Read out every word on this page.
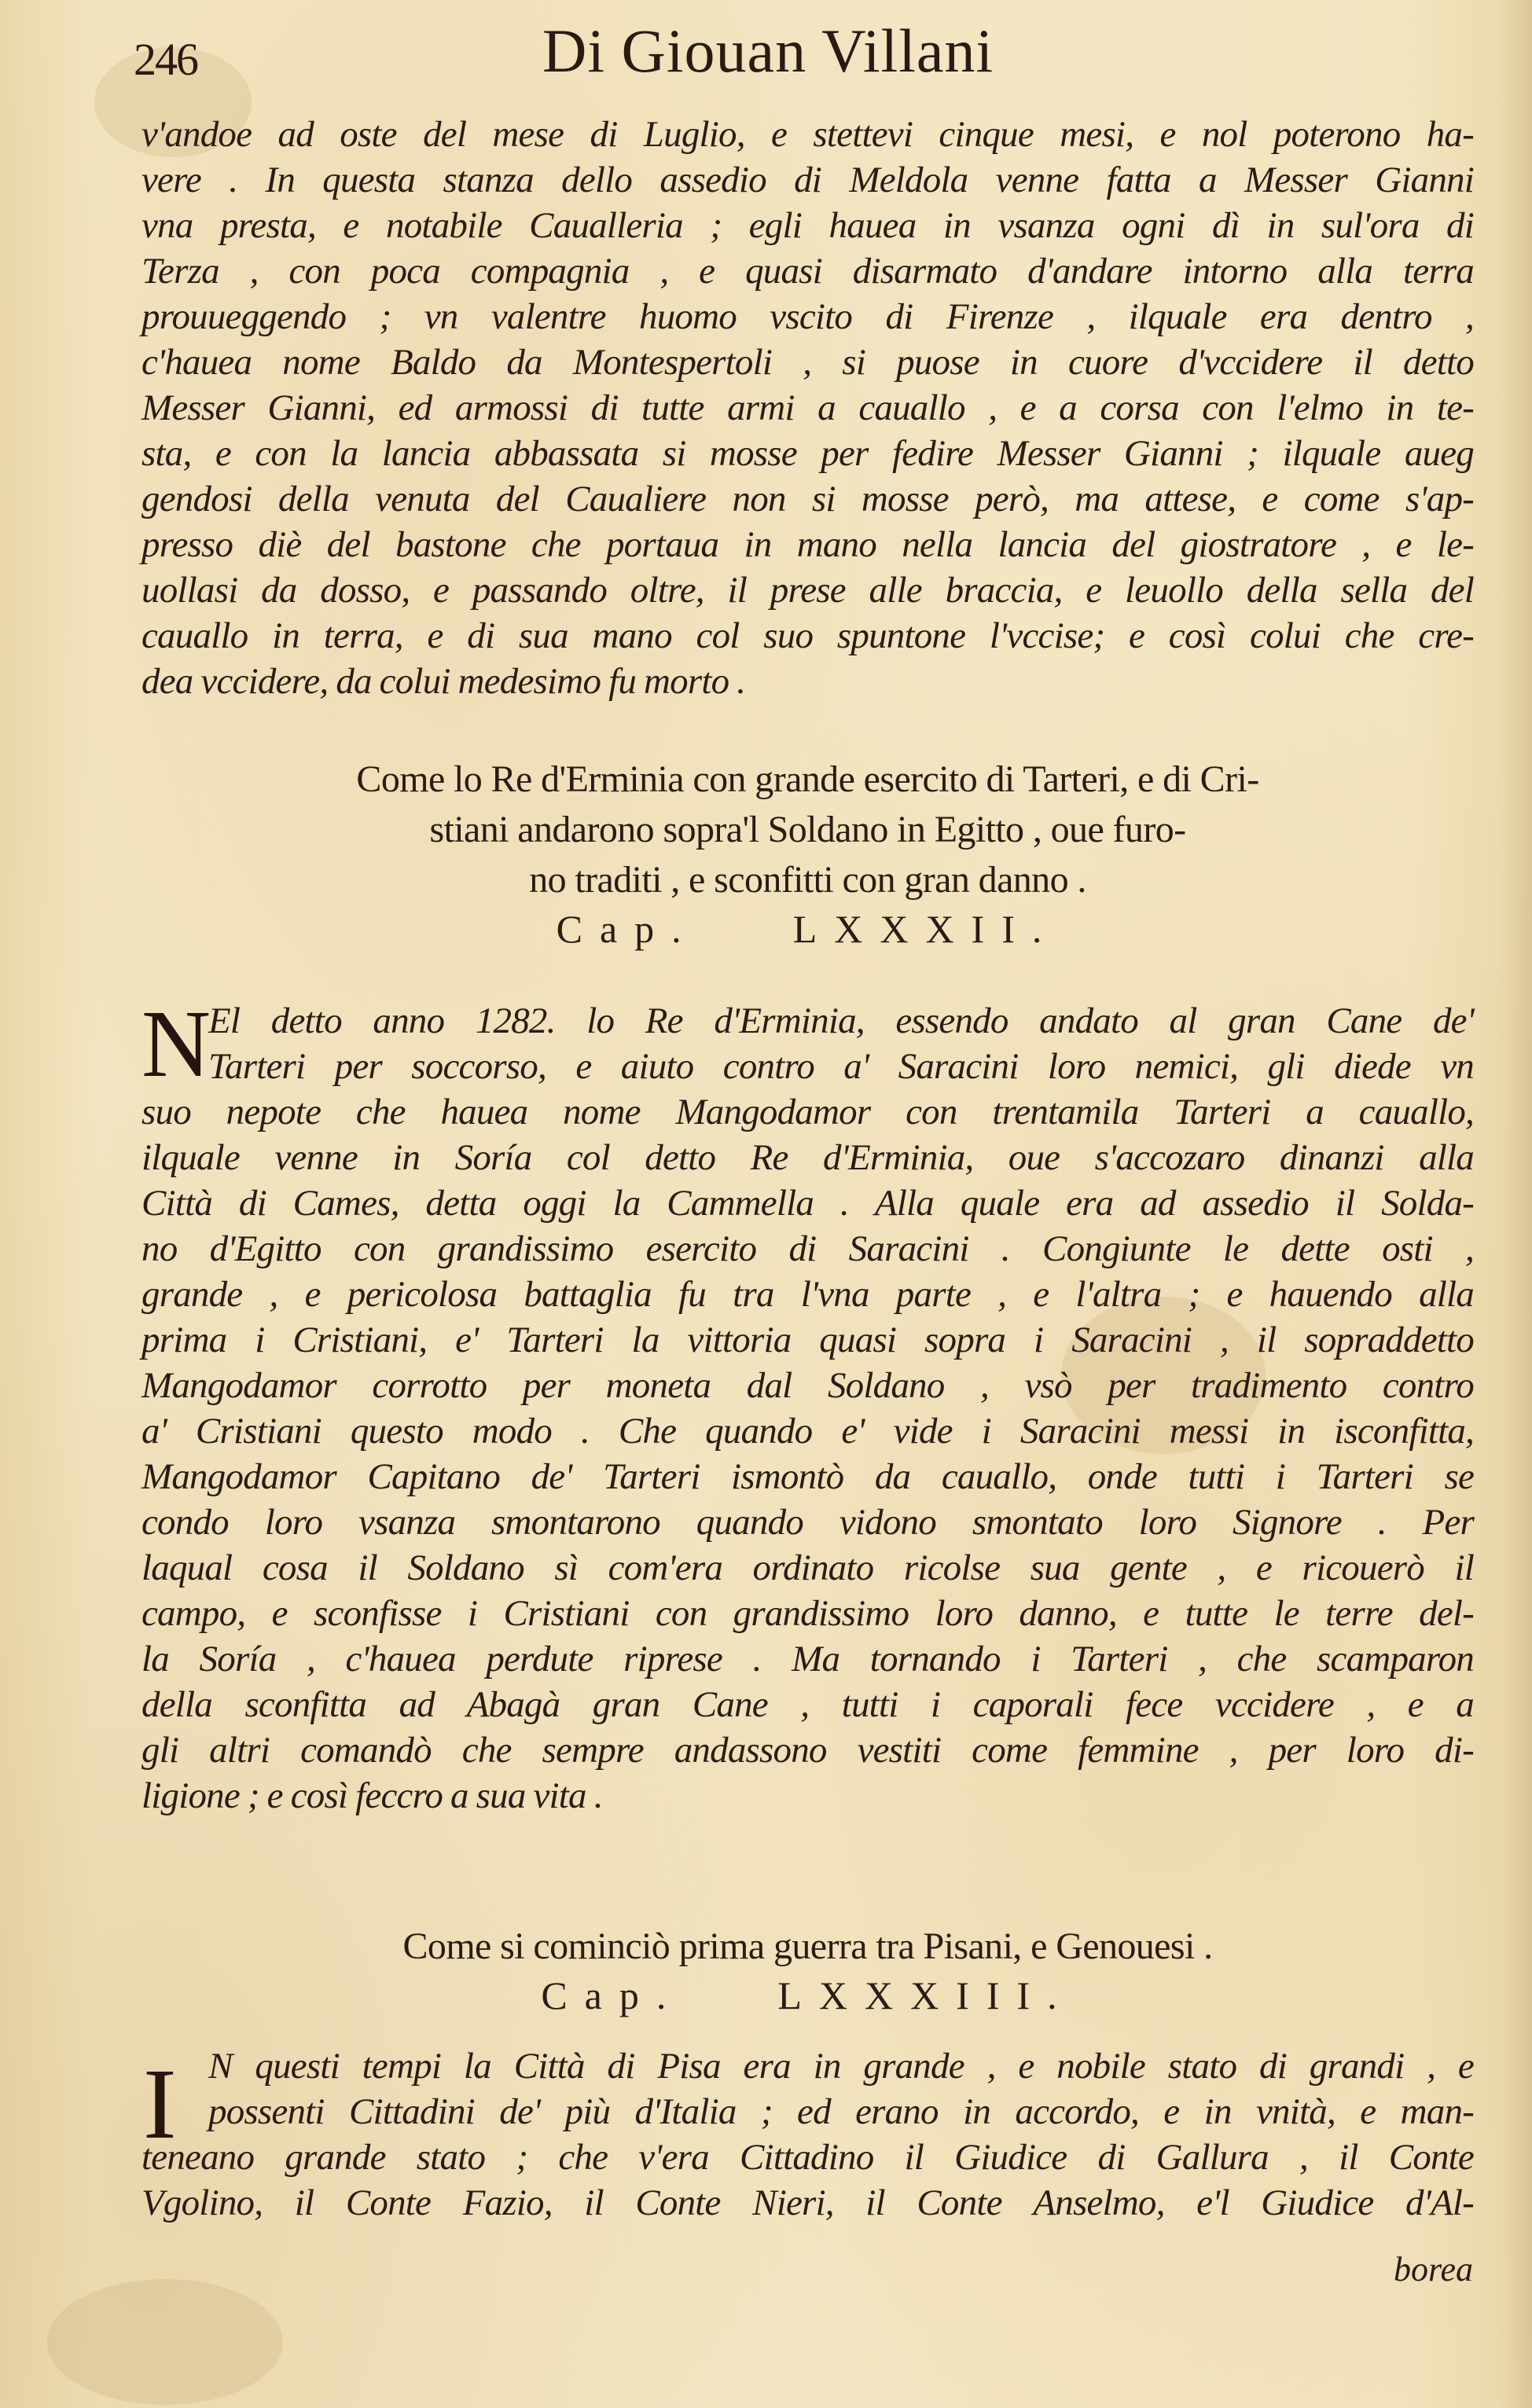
246	Di Giouan Villani
v'andoe ad oste del mese di Luglio, e stettevi cinque mesi, e nol poterono ha-
vere . In questa stanza dello assedio di Meldola venne fatta a Messer Gianni
vna presta, e notabile Caualleria ; egli hauea in vsanza ogni dì in sul'ora di
Terza , con poca compagnia , e quasi disarmato d'andare intorno alla terra
prouueggendo ; vn valentre huomo vscito di Firenze , ilquale era dentro ,
c'hauea nome Baldo da Montespertoli , si puose in cuore d'vccidere il detto
Messer Gianni, ed armossi di tutte armi a cauallo , e a corsa con l'elmo in te-
sta, e con la lancia abbassata si mosse per fedire Messer Gianni ; ilquale aueg
gendosi della venuta del Caualiere non si mosse però, ma attese, e come s'ap-
presso diè del bastone che portaua in mano nella lancia del giostratore , e le-
uollasi da dosso, e passando oltre, il prese alle braccia, e leuollo della sella del
cauallo in terra, e di sua mano col suo spuntone l'vccise; e così colui che cre-
dea vccidere, da colui medesimo fu morto .
Come lo Re d'Erminia con grande esercito di Tarteri, e di Cri-
stiani andarono sopra'l Soldano in Egitto , oue furo-
no traditi , e sconfitti con gran danno .
Cap. LXXXII.
N
El detto anno 1282. lo Re d'Erminia, essendo andato al gran Cane de'
Tarteri per soccorso, e aiuto contro a' Saracini loro nemici, gli diede vn
suo nepote che hauea nome Mangodamor con trentamila Tarteri a cauallo,
ilquale venne in Soría col detto Re d'Erminia, oue s'accozaro dinanzi alla
Città di Cames, detta oggi la Cammella . Alla quale era ad assedio il Solda-
no d'Egitto con grandissimo esercito di Saracini . Congiunte le dette osti ,
grande , e pericolosa battaglia fu tra l'vna parte , e l'altra ; e hauendo alla
prima i Cristiani, e' Tarteri la vittoria quasi sopra i Saracini , il sopraddetto
Mangodamor corrotto per moneta dal Soldano , vsò per tradimento contro
a' Cristiani questo modo . Che quando e' vide i Saracini messi in isconfitta,
Mangodamor Capitano de' Tarteri ismontò da cauallo, onde tutti i Tarteri se
condo loro vsanza smontarono quando vidono smontato loro Signore . Per
laqual cosa il Soldano sì com'era ordinato ricolse sua gente , e ricouerò il
campo, e sconfisse i Cristiani con grandissimo loro danno, e tutte le terre del-
la Soría , c'hauea perdute riprese . Ma tornando i Tarteri , che scamparon
della sconfitta ad Abagà gran Cane , tutti i caporali fece vccidere , e a
gli altri comandò che sempre andassono vestiti come femmine , per loro di-
ligione ; e così feccro a sua vita .
Come si cominciò prima guerra tra Pisani, e Genouesi .
Cap. LXXXIII.
I N questi tempi la Città di Pisa era in grande , e nobile stato di grandi , e
possenti Cittadini de' più d'Italia ; ed erano in accordo, e in vnità, e man-
teneano grande stato ; che v'era Cittadino il Giudice di Gallura , il Conte
Vgolino, il Conte Fazio, il Conte Nieri, il Conte Anselmo, e'l Giudice d'Al-
borea
